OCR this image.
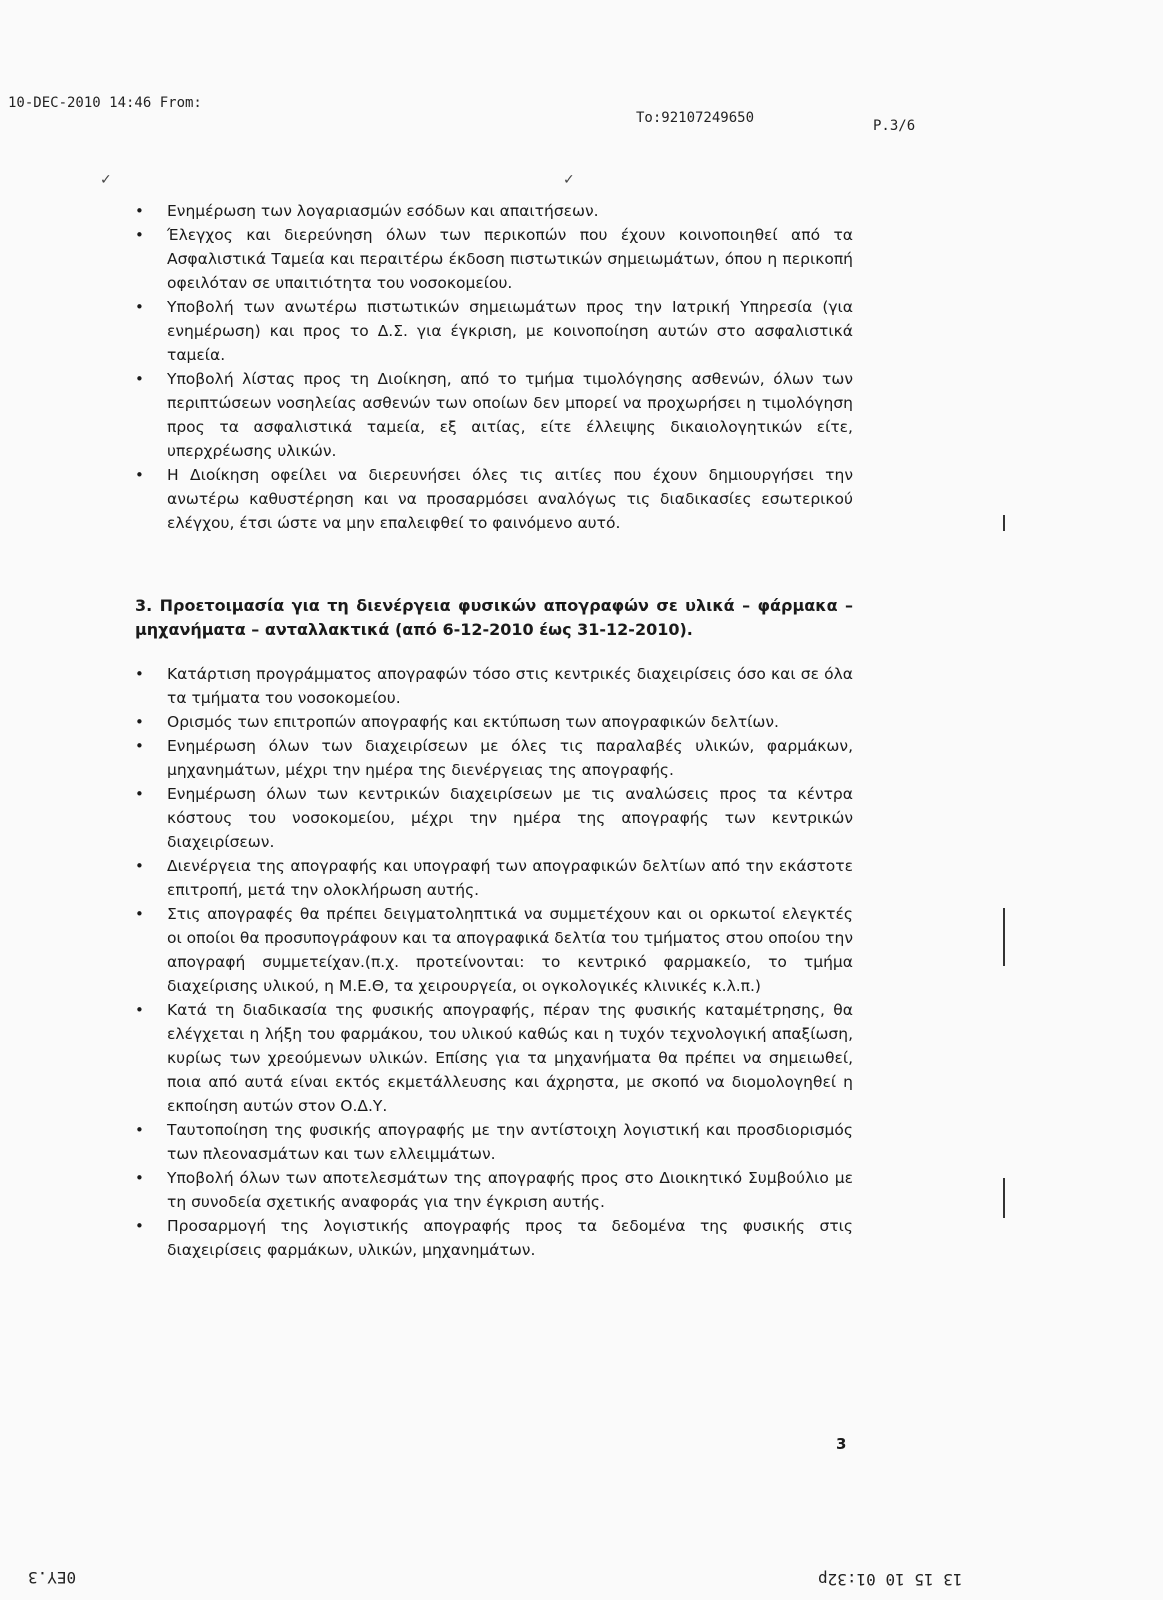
10-DEC-2010 14:46 From:
To:92107249650	P.3/6
✓	✓
• Ενημέρωση των λογαριασμών εσόδων και απαιτήσεων.
• Έλεγχος και διερεύνηση όλων των περικοπών που έχουν κοινοποιηθεί από τα Ασφαλιστικά Ταμεία και περαιτέρω έκδοση πιστωτικών σημειωμάτων, όπου η περικοπή οφειλόταν σε υπαιτιότητα του νοσοκομείου.
• Υποβολή των ανωτέρω πιστωτικών σημειωμάτων προς την Ιατρική Υπηρεσία (για ενημέρωση) και προς το Δ.Σ. για έγκριση, με κοινοποίηση αυτών στο ασφαλιστικά ταμεία.
• Υποβολή λίστας προς τη Διοίκηση, από το τμήμα τιμολόγησης ασθενών, όλων των περιπτώσεων νοσηλείας ασθενών των οποίων δεν μπορεί να προχωρήσει η τιμολόγηση προς τα ασφαλιστικά ταμεία, εξ αιτίας, είτε έλλειψης δικαιολογητικών είτε, υπερχρέωσης υλικών.
• Η Διοίκηση οφείλει να διερευνήσει όλες τις αιτίες που έχουν δημιουργήσει την ανωτέρω καθυστέρηση και να προσαρμόσει αναλόγως τις διαδικασίες εσωτερικού ελέγχου, έτσι ώστε να μην επαλειφθεί το φαινόμενο αυτό.
3. Προετοιμασία για τη διενέργεια φυσικών απογραφών σε υλικά – φάρμακα – μηχανήματα – ανταλλακτικά (από 6-12-2010 έως 31-12-2010).
• Κατάρτιση προγράμματος απογραφών τόσο στις κεντρικές διαχειρίσεις όσο και σε όλα τα τμήματα του νοσοκομείου.
• Ορισμός των επιτροπών απογραφής και εκτύπωση των απογραφικών δελτίων.
• Ενημέρωση όλων των διαχειρίσεων με όλες τις παραλαβές υλικών, φαρμάκων, μηχανημάτων, μέχρι την ημέρα της διενέργειας της απογραφής.
• Ενημέρωση όλων των κεντρικών διαχειρίσεων με τις αναλώσεις προς τα κέντρα κόστους του νοσοκομείου, μέχρι την ημέρα της απογραφής των κεντρικών διαχειρίσεων.
• Διενέργεια της απογραφής και υπογραφή των απογραφικών δελτίων από την εκάστοτε επιτροπή, μετά την ολοκλήρωση αυτής.
• Στις απογραφές θα πρέπει δειγματοληπτικά να συμμετέχουν και οι ορκωτοί ελεγκτές οι οποίοι θα προσυπογράφουν και τα απογραφικά δελτία του τμήματος στου οποίου την απογραφή συμμετείχαν.(π.χ. προτείνονται: το κεντρικό φαρμακείο, το τμήμα διαχείρισης υλικού, η Μ.Ε.Θ, τα χειρουργεία, οι ογκολογικές κλινικές κ.λ.π.)
• Κατά τη διαδικασία της φυσικής απογραφής, πέραν της φυσικής καταμέτρησης, θα ελέγχεται η λήξη του φαρμάκου, του υλικού καθώς και η τυχόν τεχνολογική απαξίωση, κυρίως των χρεούμενων υλικών. Επίσης για τα μηχανήματα θα πρέπει να σημειωθεί, ποια από αυτά είναι εκτός εκμετάλλευσης και άχρηστα, με σκοπό να διομολογηθεί η εκποίηση αυτών στον Ο.Δ.Υ.
• Ταυτοποίηση της φυσικής απογραφής με την αντίστοιχη λογιστική και προσδιορισμός των πλεονασμάτων και των ελλειμμάτων.
• Υποβολή όλων των αποτελεσμάτων της απογραφής προς στο Διοικητικό Συμβούλιο με τη συνοδεία σχετικής αναφοράς για την έγκριση αυτής.
• Προσαρμογή της λογιστικής απογραφής προς τα δεδομένα της φυσικής στις διαχειρίσεις φαρμάκων, υλικών, μηχανημάτων.
3
0EY.3	13 15 10 01:32p
